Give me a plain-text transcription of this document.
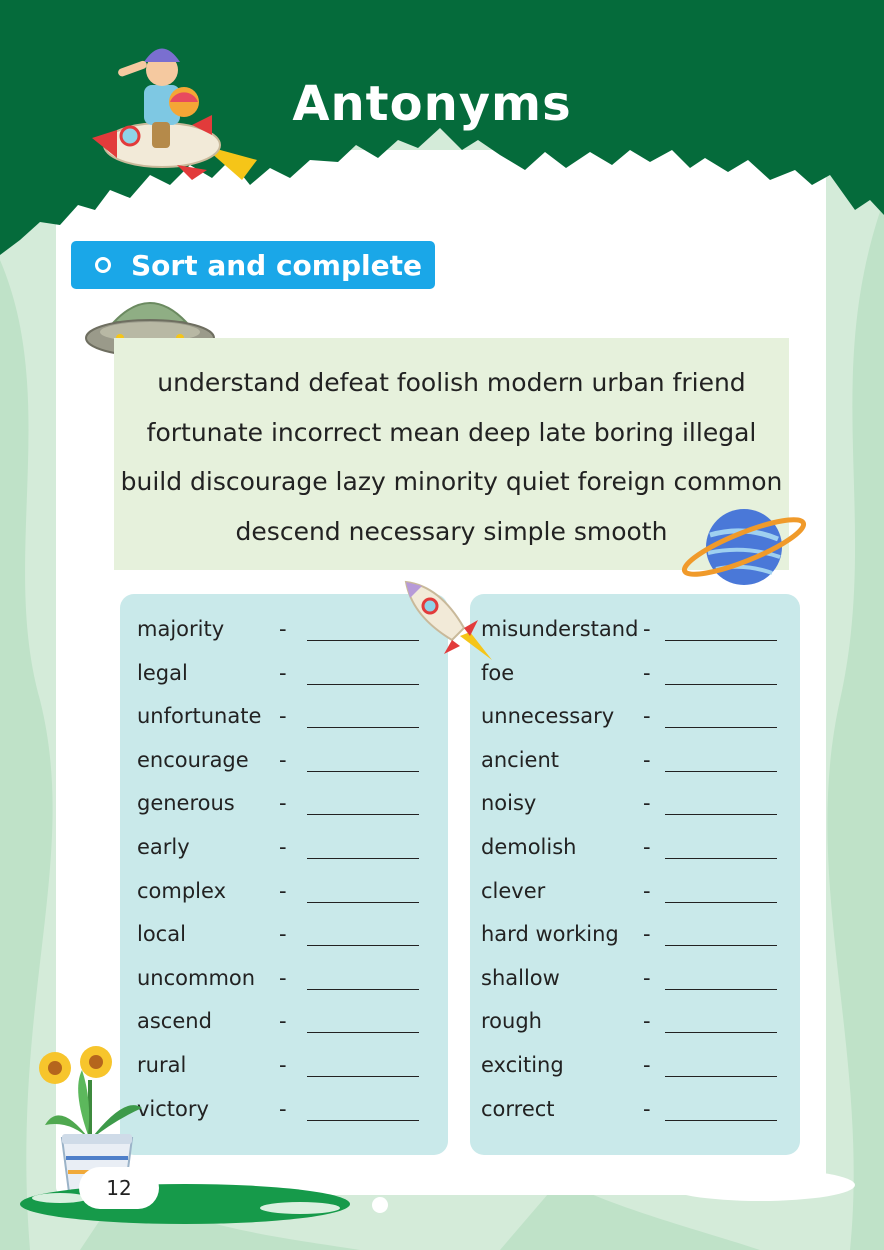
Antonyms
Sort and complete
understand defeat foolish modern urban friend
fortunate incorrect mean deep late boring illegal
build discourage lazy minority quiet foreign common
descend necessary simple smooth
majority	-
legal	-
unfortunate -
encourage -
generous -
early	-
complex	-
local	-
uncommon -
ascend	-
rural	-
victory	-
misunderstand -
foe	-
unnecessary -
ancient	-
noisy	-
demolish	-
clever	-
hard working -
shallow	-
rough	-
exciting	-
correct	-
12
